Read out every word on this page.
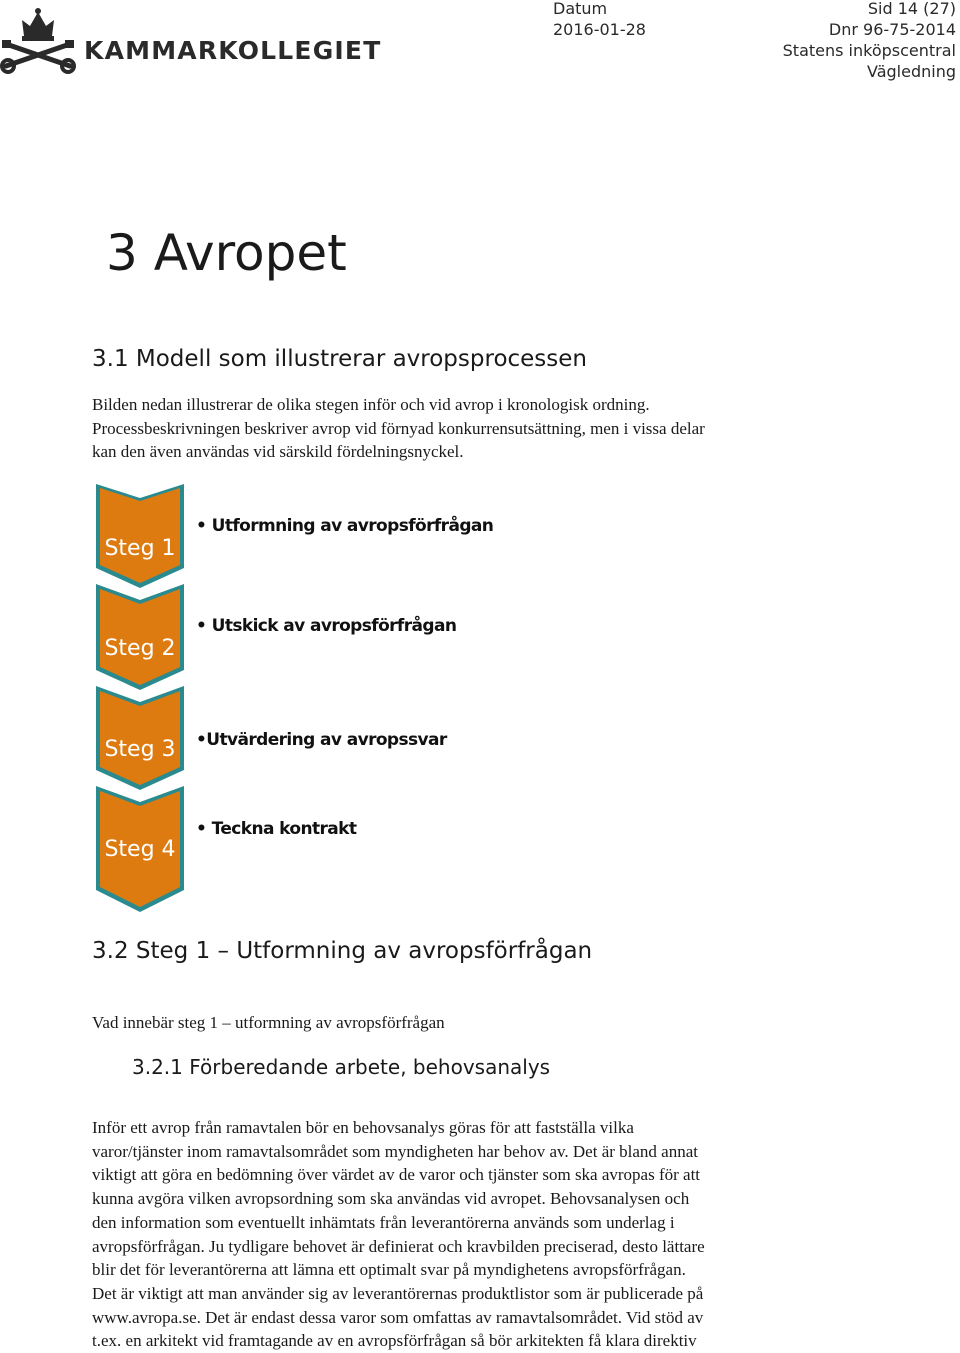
KAMMARKOLLEGIET
Datum
2016-01-28
Sid 14 (27)
Dnr 96-75-2014
Statens inköpscentral
Vägledning
3 Avropet
3.1 Modell som illustrerar avropsprocessen
Bilden nedan illustrerar de olika stegen inför och vid avrop i kronologisk ordning.
Processbeskrivningen beskriver avrop vid förnyad konkurrensutsättning, men i vissa delar
kan den även användas vid särskild fördelningsnyckel.
Steg 1
Steg 2
Steg 3
Steg 4
• Utformning av avropsförfrågan
• Utskick av avropsförfrågan
•Utvärdering av avropssvar
• Teckna kontrakt
3.2 Steg 1 – Utformning av avropsförfrågan
Vad innebär steg 1 – utformning av avropsförfrågan
3.2.1 Förberedande arbete, behovsanalys
Inför ett avrop från ramavtalen bör en behovsanalys göras för att fastställa vilka
varor/tjänster inom ramavtalsområdet som myndigheten har behov av. Det är bland annat
viktigt att göra en bedömning över värdet av de varor och tjänster som ska avropas för att
kunna avgöra vilken avropsordning som ska användas vid avropet. Behovsanalysen och
den information som eventuellt inhämtats från leverantörerna används som underlag i
avropsförfrågan. Ju tydligare behovet är definierat och kravbilden preciserad, desto lättare
blir det för leverantörerna att lämna ett optimalt svar på myndighetens avropsförfrågan.
Det är viktigt att man använder sig av leverantörernas produktlistor som är publicerade på
www.avropa.se. Det är endast dessa varor som omfattas av ramavtalsområdet. Vid stöd av
t.ex. en arkitekt vid framtagande av en avropsförfrågan så bör arkitekten få klara direktiv
